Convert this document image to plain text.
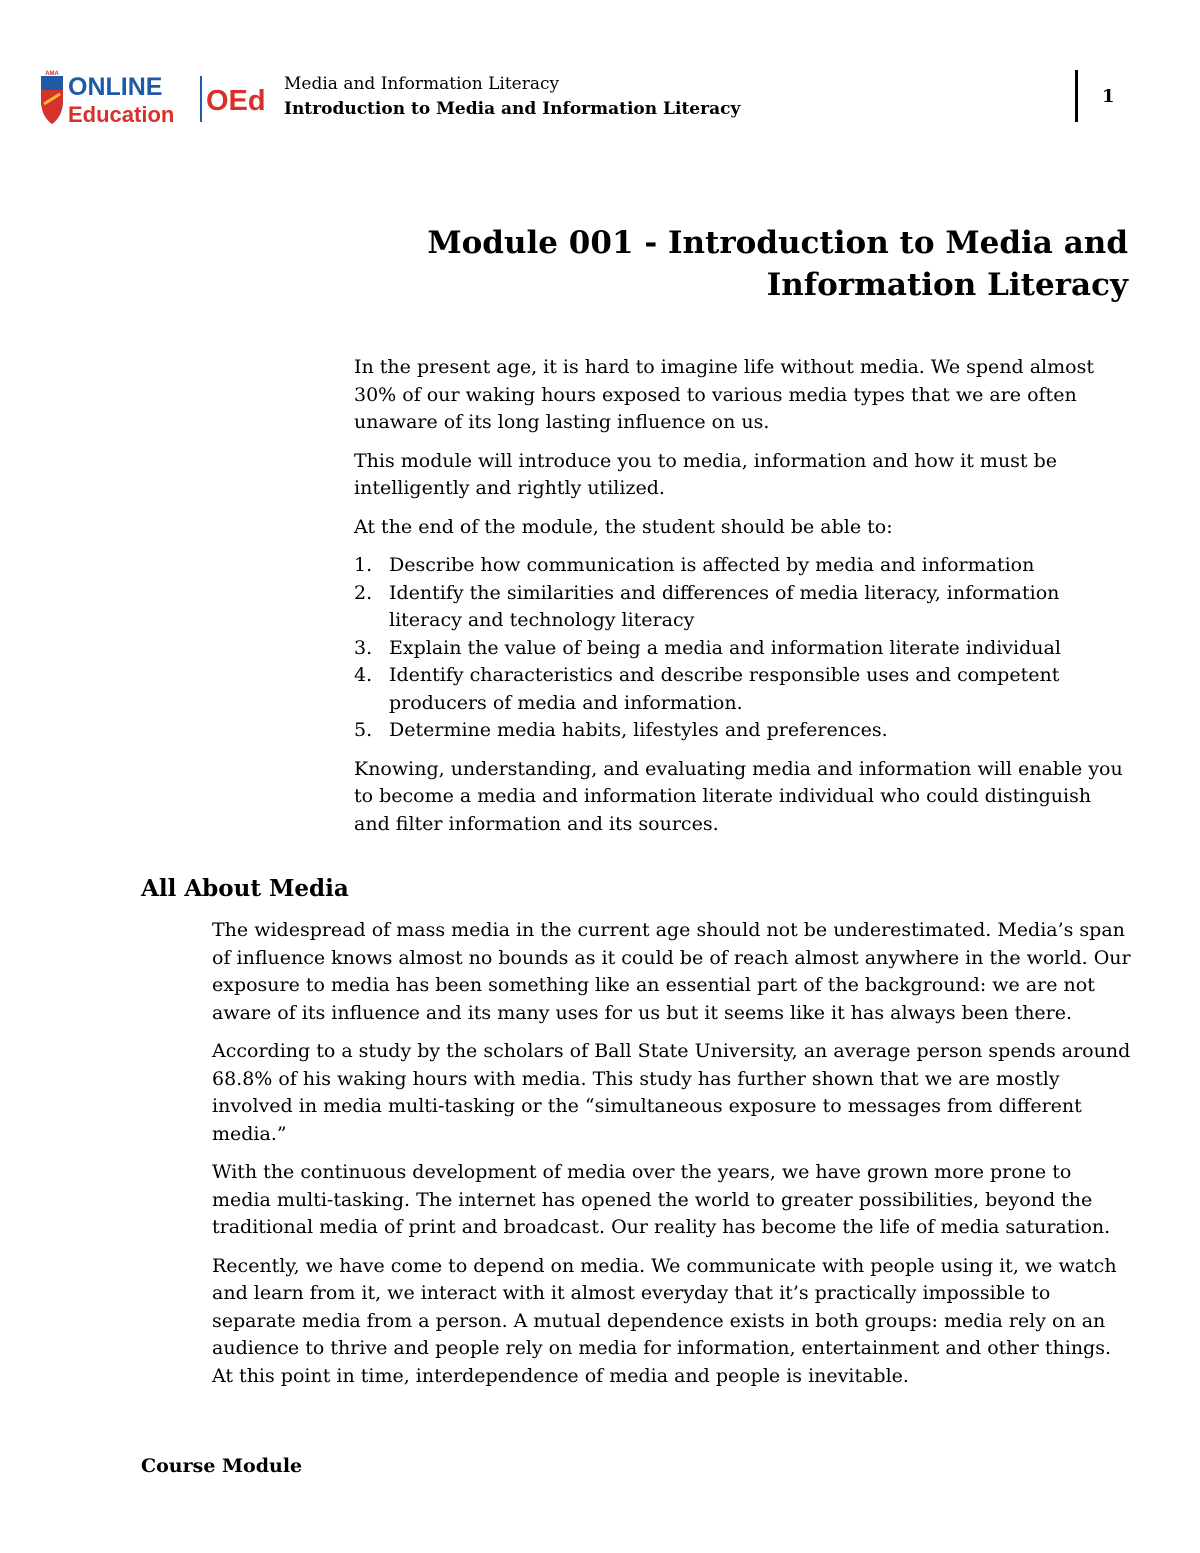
AMA ONLINE
Education OEd
Media and Information Literacy
Introduction to Media and Information Literacy
1
Module 001 - Introduction to Media and
Information Literacy

In the present age, it is hard to imagine life without media. We spend almost 30% of our waking hours exposed to various media types that we are often unaware of its long lasting influence on us.

This module will introduce you to media, information and how it must be intelligently and rightly utilized.

At the end of the module, the student should be able to:

1. Describe how communication is affected by media and information
2. Identify the similarities and differences of media literacy, information literacy and technology literacy
3. Explain the value of being a media and information literate individual
4. Identify characteristics and describe responsible uses and competent producers of media and information.
5. Determine media habits, lifestyles and preferences.

Knowing, understanding, and evaluating media and information will enable you to become a media and information literate individual who could distinguish and filter information and its sources.

All About Media

The widespread of mass media in the current age should not be underestimated. Media’s span of influence knows almost no bounds as it could be of reach almost anywhere in the world. Our exposure to media has been something like an essential part of the background: we are not aware of its influence and its many uses for us but it seems like it has always been there.

According to a study by the scholars of Ball State University, an average person spends around 68.8% of his waking hours with media. This study has further shown that we are mostly involved in media multi-tasking or the “simultaneous exposure to messages from different media.”

With the continuous development of media over the years, we have grown more prone to media multi-tasking. The internet has opened the world to greater possibilities, beyond the traditional media of print and broadcast. Our reality has become the life of media saturation.

Recently, we have come to depend on media. We communicate with people using it, we watch and learn from it, we interact with it almost everyday that it’s practically impossible to separate media from a person. A mutual dependence exists in both groups: media rely on an audience to thrive and people rely on media for information, entertainment and other things. At this point in time, interdependence of media and people is inevitable.

Course Module
